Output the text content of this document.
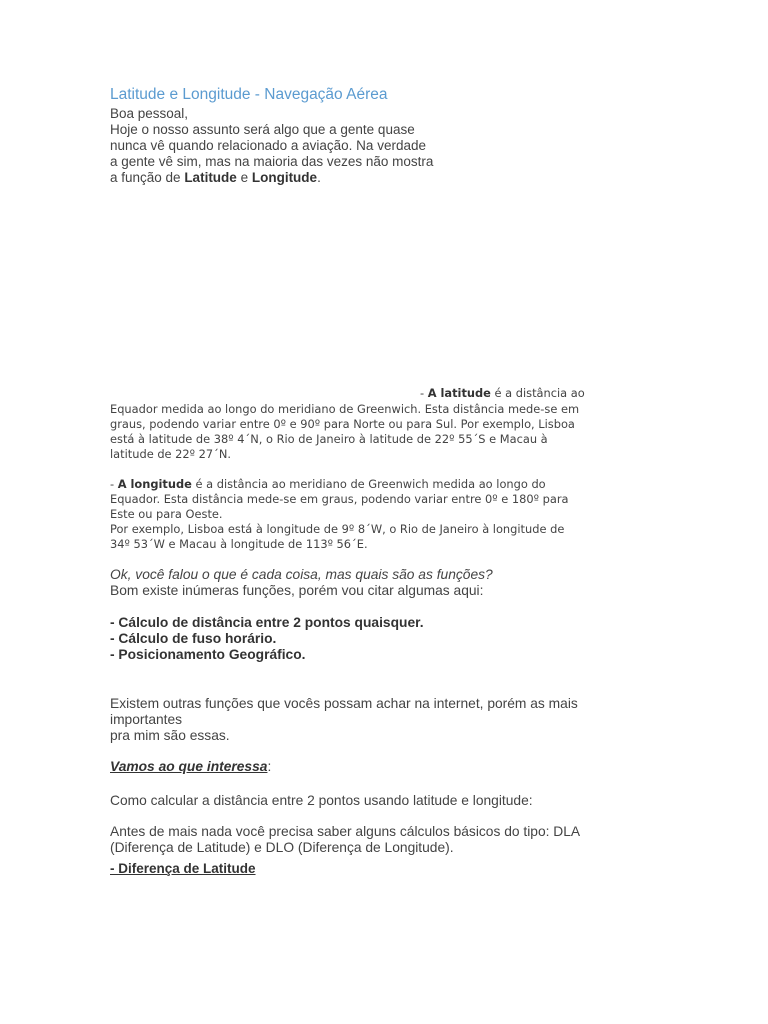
Latitude e Longitude - Navegação Aérea
Boa pessoal,
Hoje o nosso assunto será algo que a gente quase
nunca vê quando relacionado a aviação. Na verdade
a gente vê sim, mas na maioria das vezes não mostra
a função de Latitude e Longitude.
- A latitude é a distância ao
Equador medida ao longo do meridiano de Greenwich. Esta distância mede-se em
graus, podendo variar entre 0º e 90º para Norte ou para Sul. Por exemplo, Lisboa
está à latitude de 38º 4´N, o Rio de Janeiro à latitude de 22º 55´S e Macau à
latitude de 22º 27´N.
- A longitude é a distância ao meridiano de Greenwich medida ao longo do
Equador. Esta distância mede-se em graus, podendo variar entre 0º e 180º para
Este ou para Oeste.
Por exemplo, Lisboa está à longitude de 9º 8´W, o Rio de Janeiro à longitude de
34º 53´W e Macau à longitude de 113º 56´E.
Ok, você falou o que é cada coisa, mas quais são as funções?
Bom existe inúmeras funções, porém vou citar algumas aqui:
- Cálculo de distância entre 2 pontos quaisquer.
- Cálculo de fuso horário.
- Posicionamento Geográfico.
Existem outras funções que vocês possam achar na internet, porém as mais
importantes
pra mim são essas.
Vamos ao que interessa:
Como calcular a distância entre 2 pontos usando latitude e longitude:
Antes de mais nada você precisa saber alguns cálculos básicos do tipo: DLA
(Diferença de Latitude) e DLO (Diferença de Longitude).
- Diferença de Latitude
